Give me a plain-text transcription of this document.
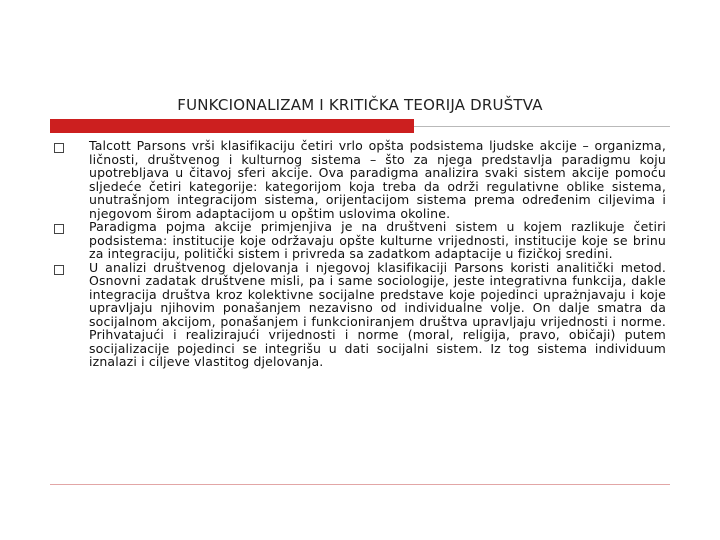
FUNKCIONALIZAM I KRITIČKA TEORIJA DRUŠTVA
Talcott Parsons vrši klasifikaciju četiri vrlo opšta podsistema ljudske akcije – organizma, ličnosti, društvenog i kulturnog sistema – što za njega predstavlja paradigmu koju upotrebljava u čitavoj sferi akcije. Ova paradigma analizira svaki sistem akcije pomoću sljedeće četiri kategorije: kategorijom koja treba da održi regulativne oblike sistema, unutrašnjom integracijom sistema, orijentacijom sistema prema određenim ciljevima i njegovom širom adaptacijom u opštim uslovima okoline.
Paradigma pojma akcije primjenjiva je na društveni sistem u kojem razlikuje četiri podsistema: institucije koje održavaju opšte kulturne vrijednosti, institucije koje se brinu za integraciju, politički sistem i privreda sa zadatkom adaptacije u fizičkoj sredini.
U analizi društvenog djelovanja i njegovoj klasifikaciji Parsons koristi analitički metod. Osnovni zadatak društvene misli, pa i same sociologije, jeste integrativna funkcija, dakle integracija društva kroz kolektivne socijalne predstave koje pojedinci uprażnjavaju i koje upravljaju njihovim ponašanjem nezavisno od individualne volje. On dalje smatra da socijalnom akcijom, ponašanjem i funkcioniranjem društva upravljaju vrijednosti i norme. Prihvatajući i realizirajući vrijednosti i norme (moral, religija, pravo, običaji) putem socijalizacije pojedinci se integrišu u dati socijalni sistem. Iz tog sistema individuum iznalazi i ciljeve vlastitog djelovanja.
